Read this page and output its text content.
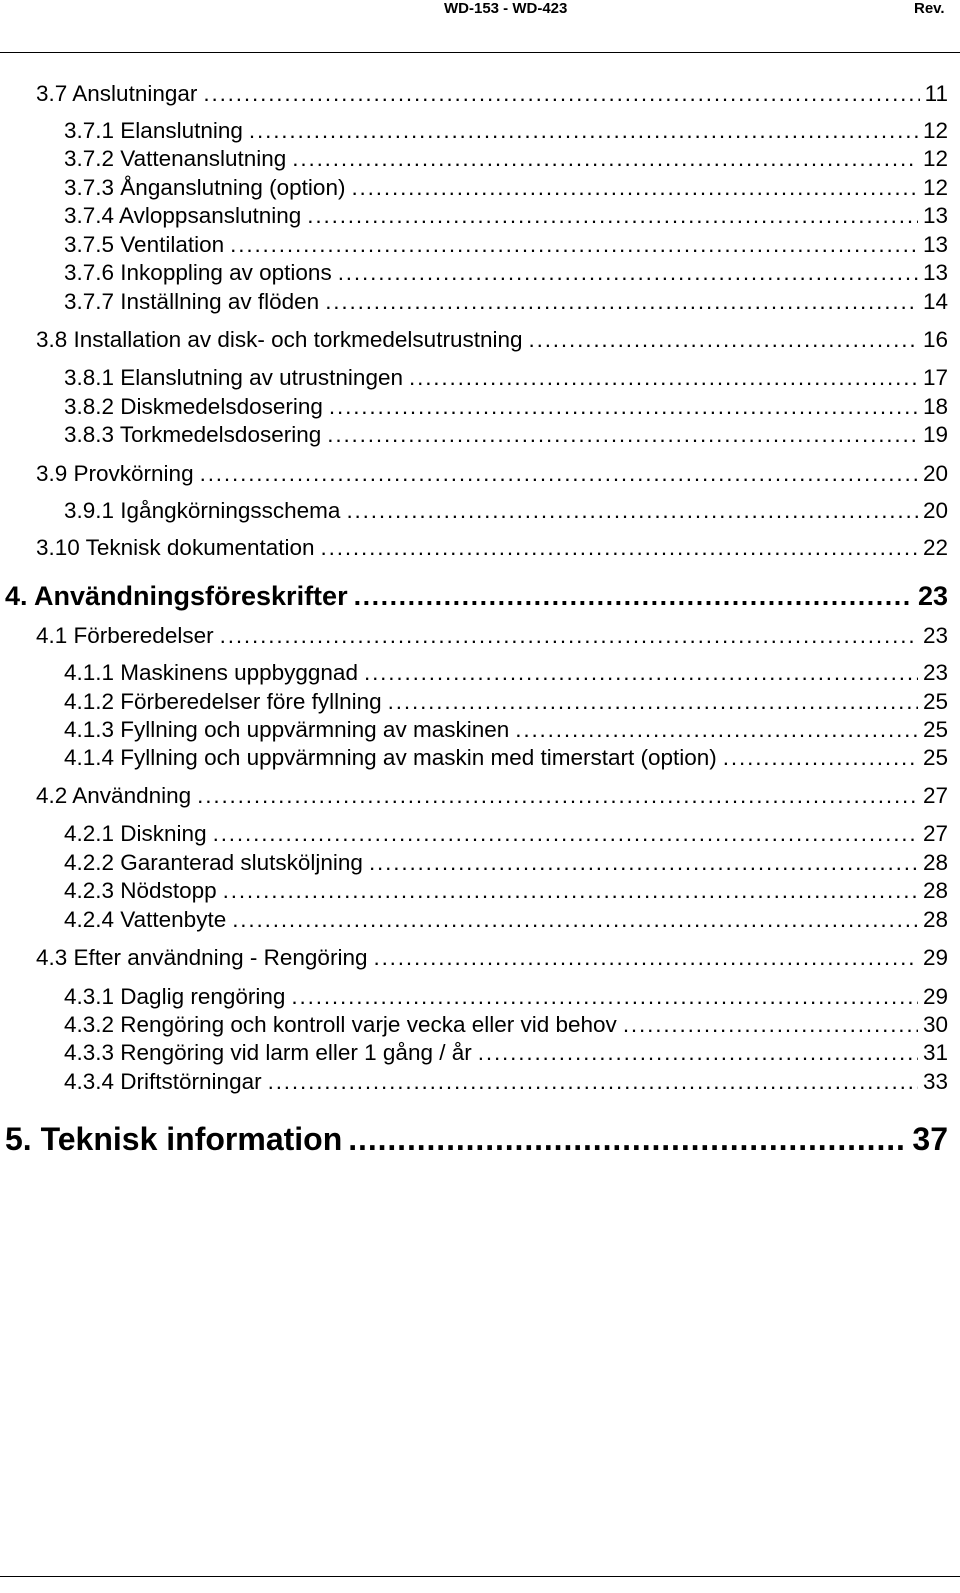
WD-153 - WD-423	Rev.
3.7 Anslutningar . . .	11
3.7.1 Elanslutning . . .	12
3.7.2 Vattenanslutning . . .	12
3.7.3 Ånganslutning (option) . . .	12
3.7.4 Avloppsanslutning . . .	13
3.7.5 Ventilation . . .	13
3.7.6 Inkoppling av options . . .	13
3.7.7 Inställning av flöden . . .	14
3.8 Installation av disk- och torkmedelsutrustning . . .	16
3.8.1 Elanslutning av utrustningen . . .	17
3.8.2 Diskmedelsdosering . . .	18
3.8.3 Torkmedelsdosering . . .	19
3.9 Provkörning . . .	20
3.9.1 Igångkörningsschema . . .	20
3.10 Teknisk dokumentation . . .	22
4. Användningsföreskrifter . . .	23
4.1 Förberedelser . . .	23
4.1.1 Maskinens uppbyggnad . . .	23
4.1.2 Förberedelser före fyllning . . .	25
4.1.3 Fyllning och uppvärmning av maskinen . . .	25
4.1.4 Fyllning och uppvärmning av maskin med timerstart (option) . . .	25
4.2 Användning . . .	27
4.2.1 Diskning . . .	27
4.2.2 Garanterad slutsköljning . . .	28
4.2.3 Nödstopp . . .	28
4.2.4 Vattenbyte . . .	28
4.3 Efter användning - Rengöring . . .	29
4.3.1 Daglig rengöring . . .	29
4.3.2 Rengöring och kontroll varje vecka eller vid behov . . .	30
4.3.3 Rengöring vid larm eller 1 gång / år . . .	31
4.3.4 Driftstörningar . . .	33
5. Teknisk information . . .	37
